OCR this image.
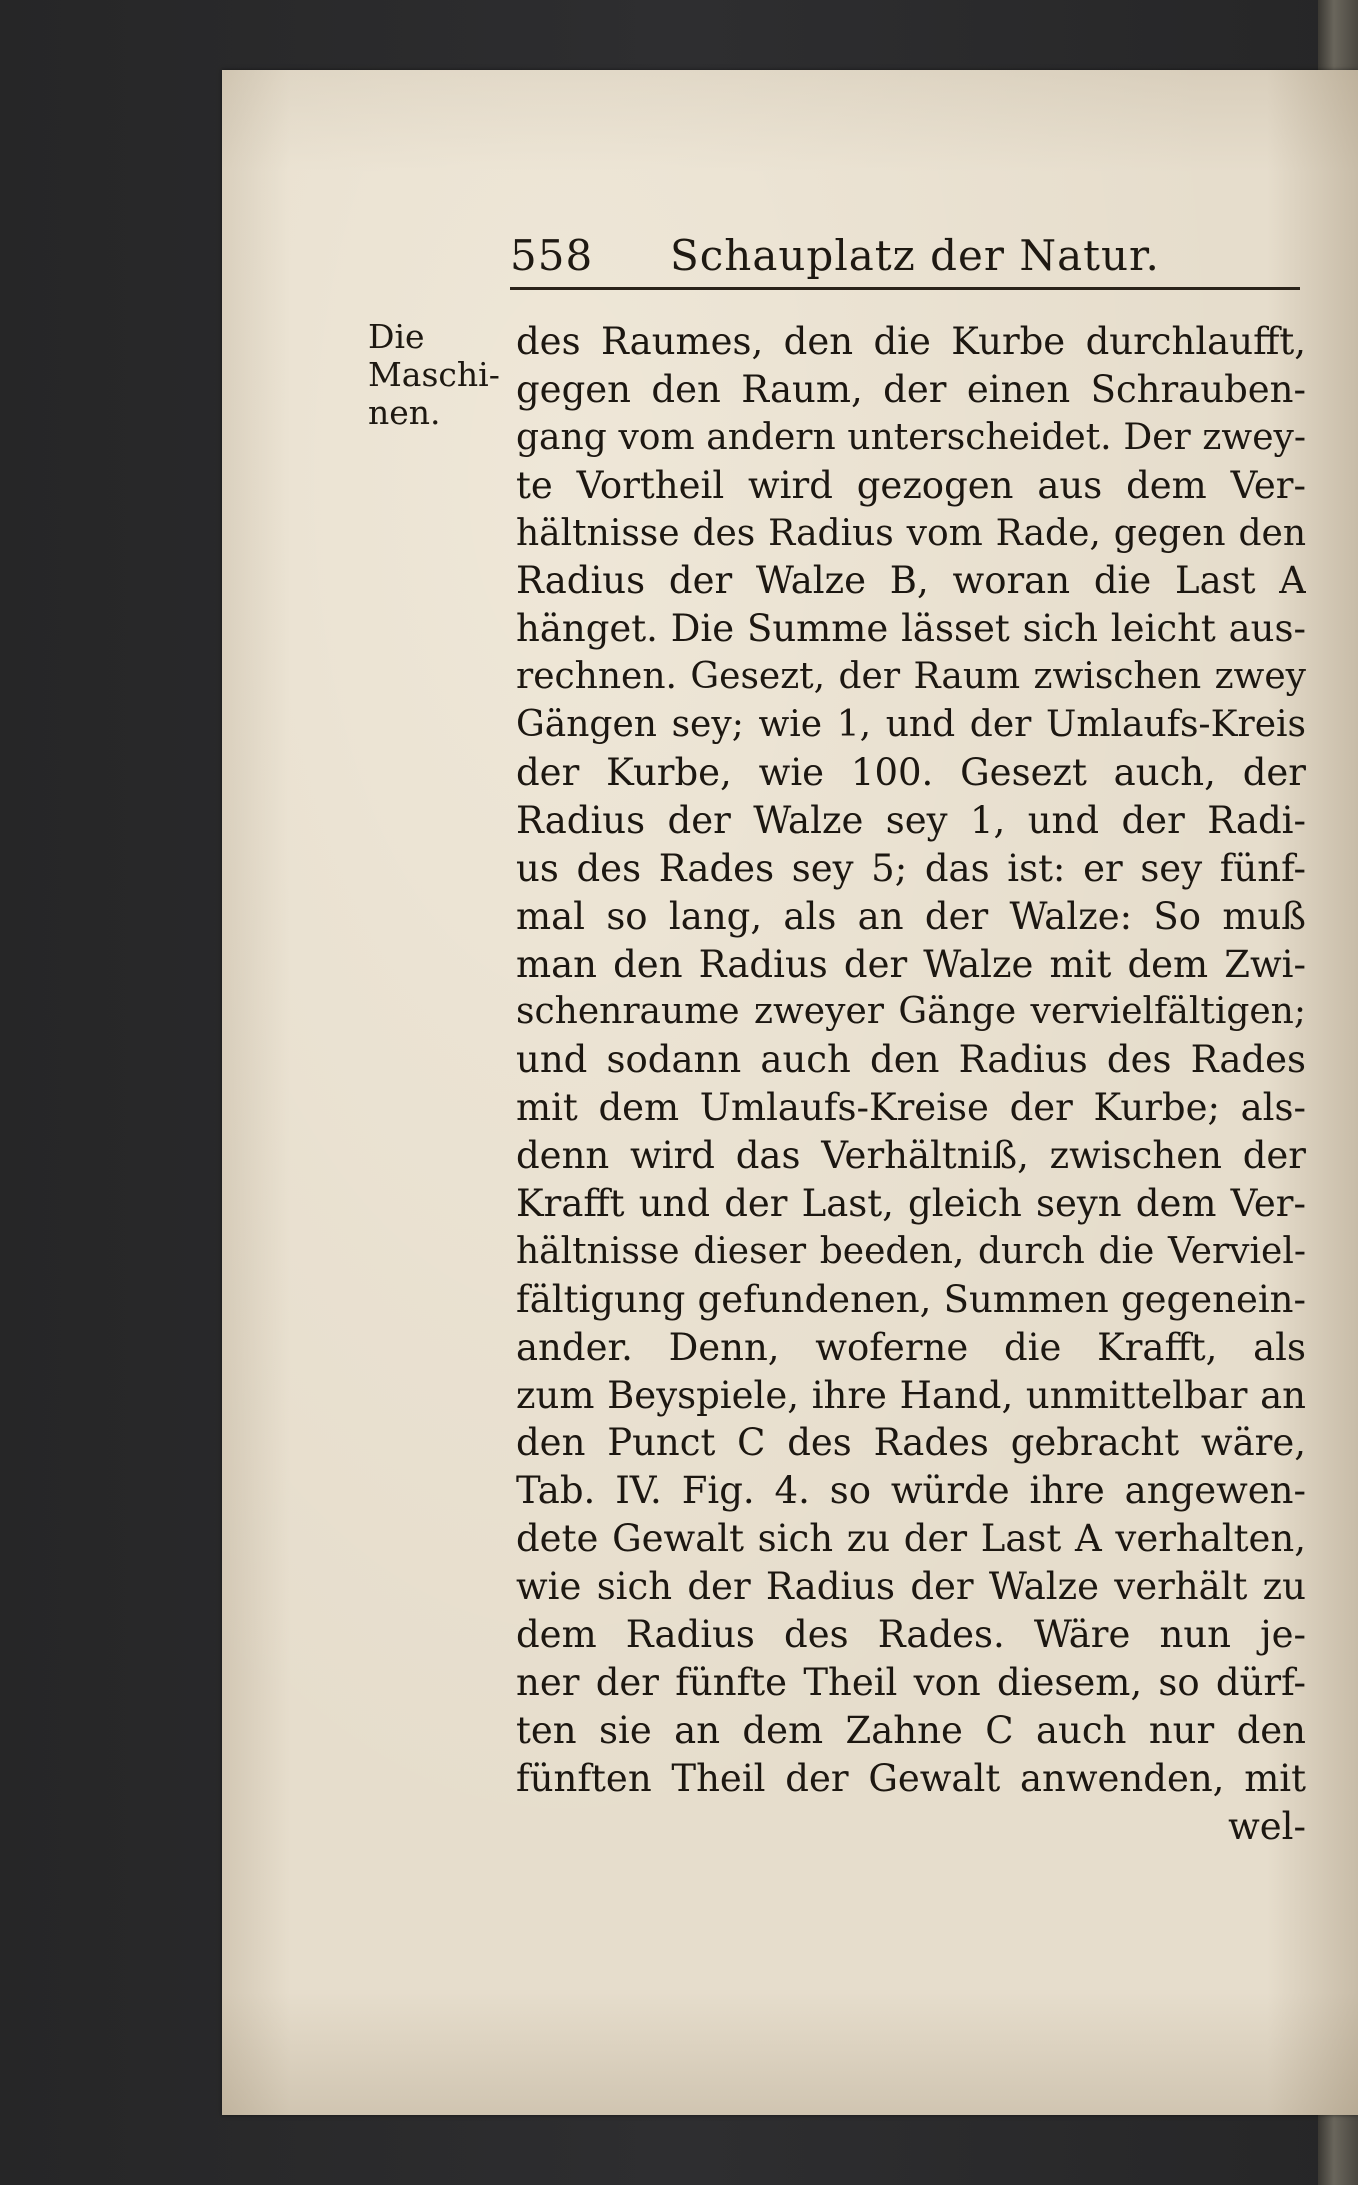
558 Schauplatz der Natur.
Die
Maschi-
nen.
des Raumes, den die Kurbe durchlaufft,
gegen den Raum, der einen Schrauben-
gang vom andern unterscheidet. Der zwey-
te Vortheil wird gezogen aus dem Ver-
hältnisse des Radius vom Rade, gegen den
Radius der Walze B, woran die Last A
hänget. Die Summe lässet sich leicht aus-
rechnen. Gesezt, der Raum zwischen zwey
Gängen sey; wie 1, und der Umlaufs-Kreis
der Kurbe, wie 100. Gesezt auch, der
Radius der Walze sey 1, und der Radi-
us des Rades sey 5; das ist: er sey fünf-
mal so lang, als an der Walze: So muß
man den Radius der Walze mit dem Zwi-
schenraume zweyer Gänge vervielfältigen;
und sodann auch den Radius des Rades
mit dem Umlaufs-Kreise der Kurbe; als-
denn wird das Verhältniß, zwischen der
Krafft und der Last, gleich seyn dem Ver-
hältnisse dieser beeden, durch die Verviel-
fältigung gefundenen, Summen gegenein-
ander. Denn, woferne die Krafft, als
zum Beyspiele, ihre Hand, unmittelbar an
den Punct C des Rades gebracht wäre,
Tab. IV. Fig. 4. so würde ihre angewen-
dete Gewalt sich zu der Last A verhalten,
wie sich der Radius der Walze verhält zu
dem Radius des Rades. Wäre nun je-
ner der fünfte Theil von diesem, so dürf-
ten sie an dem Zahne C auch nur den
fünften Theil der Gewalt anwenden, mit
wel-
